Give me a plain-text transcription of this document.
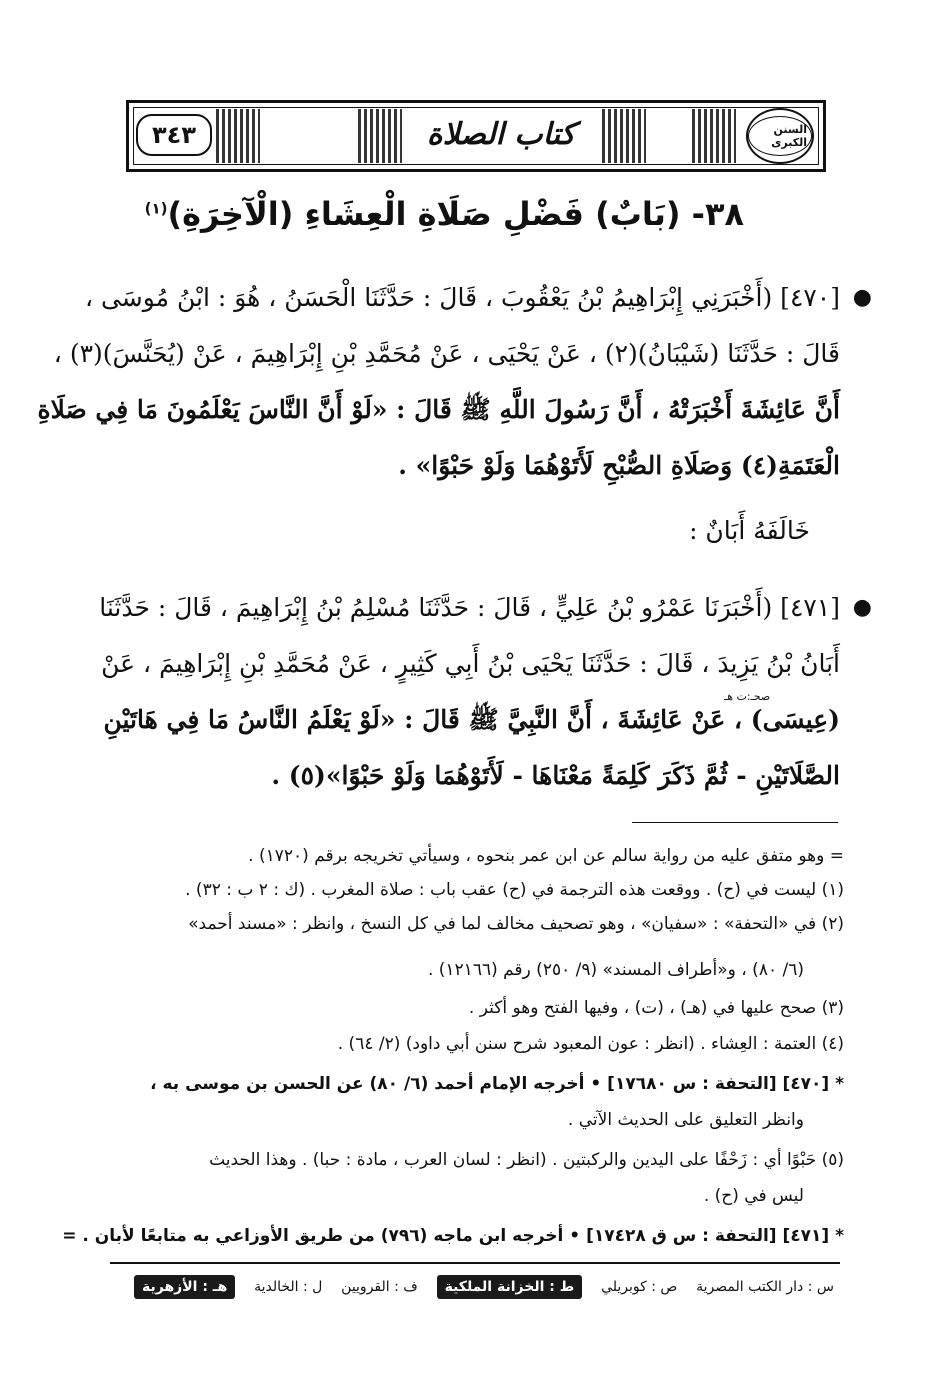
٣٤٣	كتاب الصلاة	السنن الكبرى
٣٨- (بَابٌ) فَضْلِ صَلَاةِ الْعِشَاءِ (الْآخِرَةِ)$^{(١)}$
●
[٤٧٠] (أَخْبَرَنِي إِبْرَاهِيمُ بْنُ يَعْقُوبَ ، قَالَ : حَدَّثَنَا الْحَسَنُ ، هُوَ : ابْنُ مُوسَى ،
قَالَ : حَدَّثَنَا (شَيْبَانُ)(٢) ، عَنْ يَحْيَى ، عَنْ مُحَمَّدِ بْنِ إِبْرَاهِيمَ ، عَنْ (يُحَنَّسَ)(٣) ،
أَنَّ عَائِشَةَ أَخْبَرَتْهُ ، أَنَّ رَسُولَ اللَّهِ ﷺ قَالَ : «لَوْ أَنَّ النَّاسَ يَعْلَمُونَ مَا فِي صَلَاةِ
الْعَتَمَةِ(٤) وَصَلَاةِ الصُّبْحِ لَأَتَوْهُمَا وَلَوْ حَبْوًا» .
خَالَفَهُ أَبَانٌ :
●
[٤٧١] (أَخْبَرَنَا عَمْرُو بْنُ عَلِيٍّ ، قَالَ : حَدَّثَنَا مُسْلِمُ بْنُ إِبْرَاهِيمَ ، قَالَ : حَدَّثَنَا
أَبَانُ بْنُ يَزِيدَ ، قَالَ : حَدَّثَنَا يَحْيَى بْنُ أَبِي كَثِيرٍ ، عَنْ مُحَمَّدِ بْنِ إِبْرَاهِيمَ ، عَنْ
(عِيسَى) ، عَنْ عَائِشَةَ ، أَنَّ النَّبِيَّ ﷺ قَالَ : «لَوْ يَعْلَمُ النَّاسُ مَا فِي هَاتَيْنِ
الصَّلَاتَيْنِ - ثُمَّ ذَكَرَ كَلِمَةً مَعْنَاهَا - لَأَتَوْهُمَا وَلَوْ حَبْوًا»(٥) .
صحـ:ت هـ
= وهو متفق عليه من رواية سالم عن ابن عمر بنحوه ، وسيأتي تخريجه برقم (١٧٢٠) .
(١) ليست في (ح) . ووقعت هذه الترجمة في (ح) عقب باب : صلاة المغرب . (ك : ٢ ب : ٣٢) .
(٢) في «التحفة» : «سفيان» ، وهو تصحيف مخالف لما في كل النسخ ، وانظر : «مسند أحمد»
(٦/ ٨٠) ، و«أطراف المسند» (٩/ ٢٥٠) رقم (١٢١٦٦) .
(٣) صحح عليها في (هـ) ، (ت) ، وفيها الفتح وهو أكثر .
(٤) العتمة : العِشاء . (انظر : عون المعبود شرح سنن أبي داود) (٢/ ٦٤) .
* [٤٧٠] [التحفة : س ١٧٦٨٠] • أخرجه الإمام أحمد (٦/ ٨٠) عن الحسن بن موسى به ،
وانظر التعليق على الحديث الآتي .
(٥) حَبْوًا أي : زَحْفًا على اليدين والركبتين . (انظر : لسان العرب ، مادة : حبا) . وهذا الحديث
ليس في (ح) .
* [٤٧١] [التحفة : س ق ١٧٤٢٨] • أخرجه ابن ماجه (٧٩٦) من طريق الأوزاعي به متابعًا لأبان . =
س : دار الكتب المصرية
ص : كوبريلي
ط : الخزانة الملكية
ف : القرويين
ل : الخالدية
هـ : الأزهرية
